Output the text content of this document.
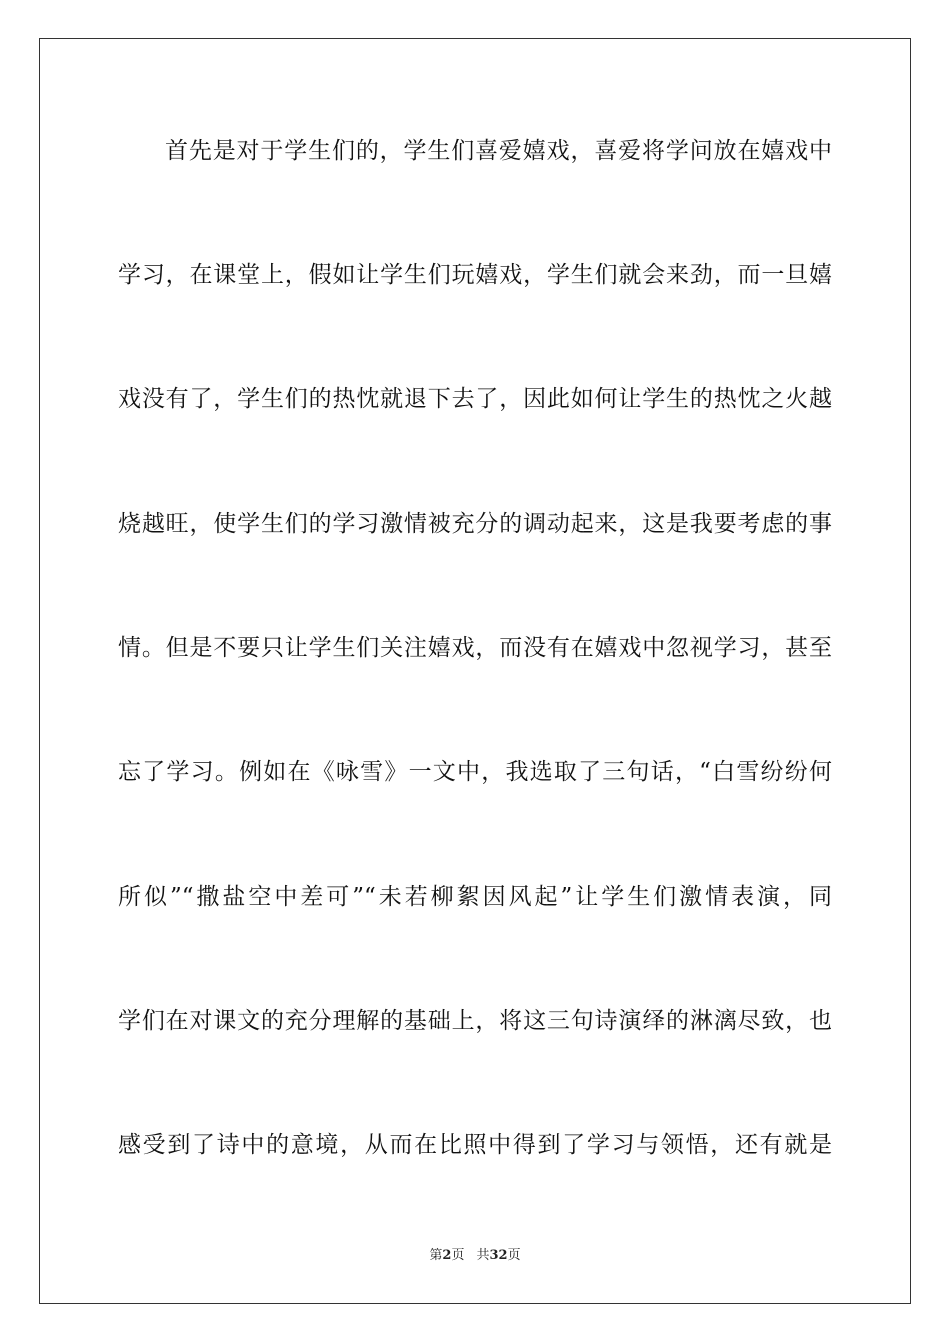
首先是对于学生们的，学生们喜爱嬉戏，喜爱将学问放在嬉戏中
学习，在课堂上，假如让学生们玩嬉戏，学生们就会来劲，而一旦嬉
戏没有了，学生们的热忱就退下去了，因此如何让学生的热忱之火越
烧越旺，使学生们的学习激情被充分的调动起来，这是我要考虑的事
情。但是不要只让学生们关注嬉戏，而没有在嬉戏中忽视学习，甚至
忘了学习。例如在《咏雪》一文中，我选取了三句话，“白雪纷纷何
所似”“撒盐空中差可”“未若柳絮因风起”让学生们激情表演，同
学们在对课文的充分理解的基础上，将这三句诗演绎的淋漓尽致，也
感受到了诗中的意境，从而在比照中得到了学习与领悟，还有就是
第2页 共32页
